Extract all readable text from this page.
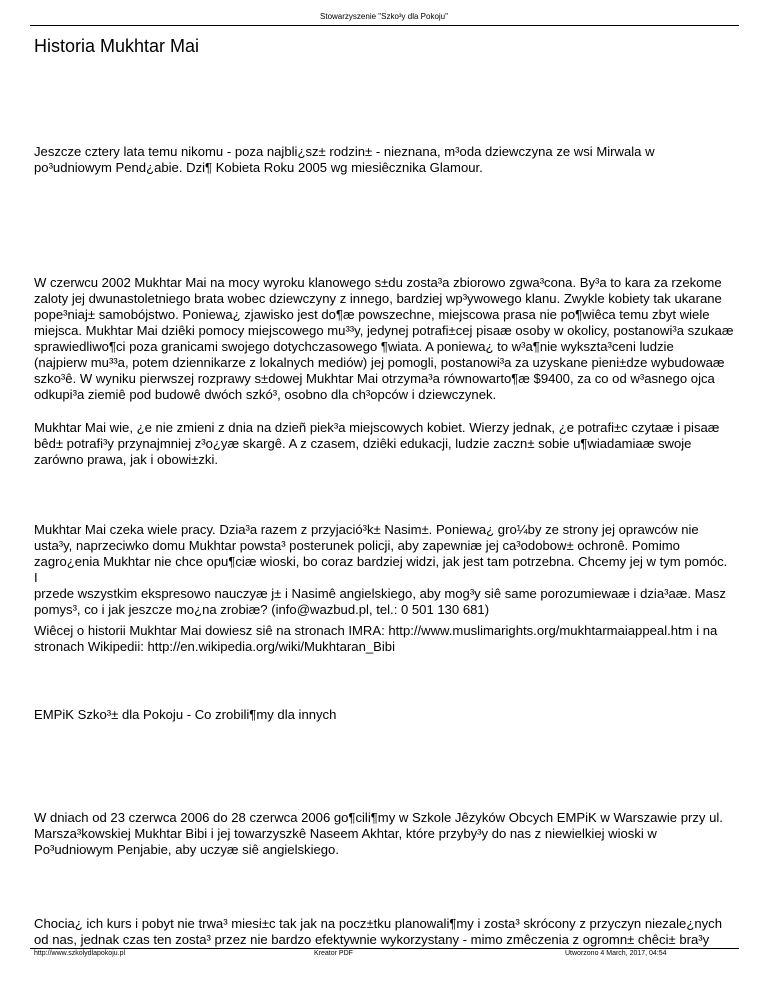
Stowarzyszenie "Szko³y dla Pokoju"
Historia Mukhtar Mai

Jeszcze cztery lata temu nikomu - poza najbli¿sz± rodzin± - nieznana, m³oda dziewczyna ze wsi Mirwala w
po³udniowym Pend¿abie. Dzi¶ Kobieta Roku 2005 wg miesiêcznika Glamour.

W czerwcu 2002 Mukhtar Mai na mocy wyroku klanowego s±du zosta³a zbiorowo zgwa³cona. By³a to kara za rzekome
zaloty jej dwunastoletniego brata wobec dziewczyny z innego, bardziej wp³ywowego klanu. Zwykle kobiety tak ukarane
pope³niaj± samobójstwo. Poniewa¿ zjawisko jest do¶æ powszechne, miejscowa prasa nie po¶wiêca temu zbyt wiele
miejsca. Mukhtar Mai dziêki pomocy miejscowego mu³³y, jedynej potrafi±cej pisaæ osoby w okolicy, postanowi³a szukaæ
sprawiedliwo¶ci poza granicami swojego dotychczasowego ¶wiata. A poniewa¿ to w³a¶nie wykszta³ceni ludzie
(najpierw mu³³a, potem dziennikarze z lokalnych mediów) jej pomogli, postanowi³a za uzyskane pieni±dze wybudowaæ
szko³ê. W wyniku pierwszej rozprawy s±dowej Mukhtar Mai otrzyma³a równowarto¶æ $9400, za co od w³asnego ojca
odkupi³a ziemiê pod budowê dwóch szkó³, osobno dla ch³opców i dziewczynek.

Mukhtar Mai wie, ¿e nie zmieni z dnia na dzieñ piek³a miejscowych kobiet. Wierzy jednak, ¿e potrafi±c czytaæ i pisaæ
bêd± potrafi³y przynajmniej z³o¿yæ skargê. A z czasem, dziêki edukacji, ludzie zaczn± sobie u¶wiadamiaæ swoje
zarówno prawa, jak i obowi±zki.

Mukhtar Mai czeka wiele pracy. Dzia³a razem z przyjació³k± Nasim±. Poniewa¿ gro¼by ze strony jej oprawców nie
usta³y, naprzeciwko domu Mukhtar powsta³ posterunek policji, aby zapewniæ jej ca³odobow± ochronê. Pomimo
zagro¿enia Mukhtar nie chce opu¶ciæ wioski, bo coraz bardziej widzi, jak jest tam potrzebna. Chcemy jej w tym pomóc. I
przede wszystkim ekspresowo nauczyæ j± i Nasimê angielskiego, aby mog³y siê same porozumiewaæ i dzia³aæ. Masz
pomys³, co i jak jeszcze mo¿na zrobiæ? (info@wazbud.pl, tel.: 0 501 130 681)

Wiêcej o historii Mukhtar Mai dowiesz siê na stronach IMRA: http://www.muslimarights.org/mukhtarmaiappeal.htm i na
stronach Wikipedii: http://en.wikipedia.org/wiki/Mukhtaran_Bibi

EMPiK Szko³± dla Pokoju - Co zrobili¶my dla innych

W dniach od 23 czerwca 2006 do 28 czerwca 2006 go¶cili¶my w Szkole Jêzyków Obcych EMPiK w Warszawie przy ul.
Marsza³kowskiej Mukhtar Bibi i jej towarzyszkê Naseem Akhtar, które przyby³y do nas z niewielkiej wioski w
Po³udniowym Penjabie, aby uczyæ siê angielskiego.

Chocia¿ ich kurs i pobyt nie trwa³ miesi±c tak jak na pocz±tku planowali¶my i zosta³ skrócony z przyczyn niezale¿nych
od nas, jednak czas ten zosta³ przez nie bardzo efektywnie wykorzystany - mimo zmêczenia z ogromn± chêci± bra³y

http://www.szkolydlapokoju.pl	Kreator PDF	Utworzono 4 March, 2017, 04:54
